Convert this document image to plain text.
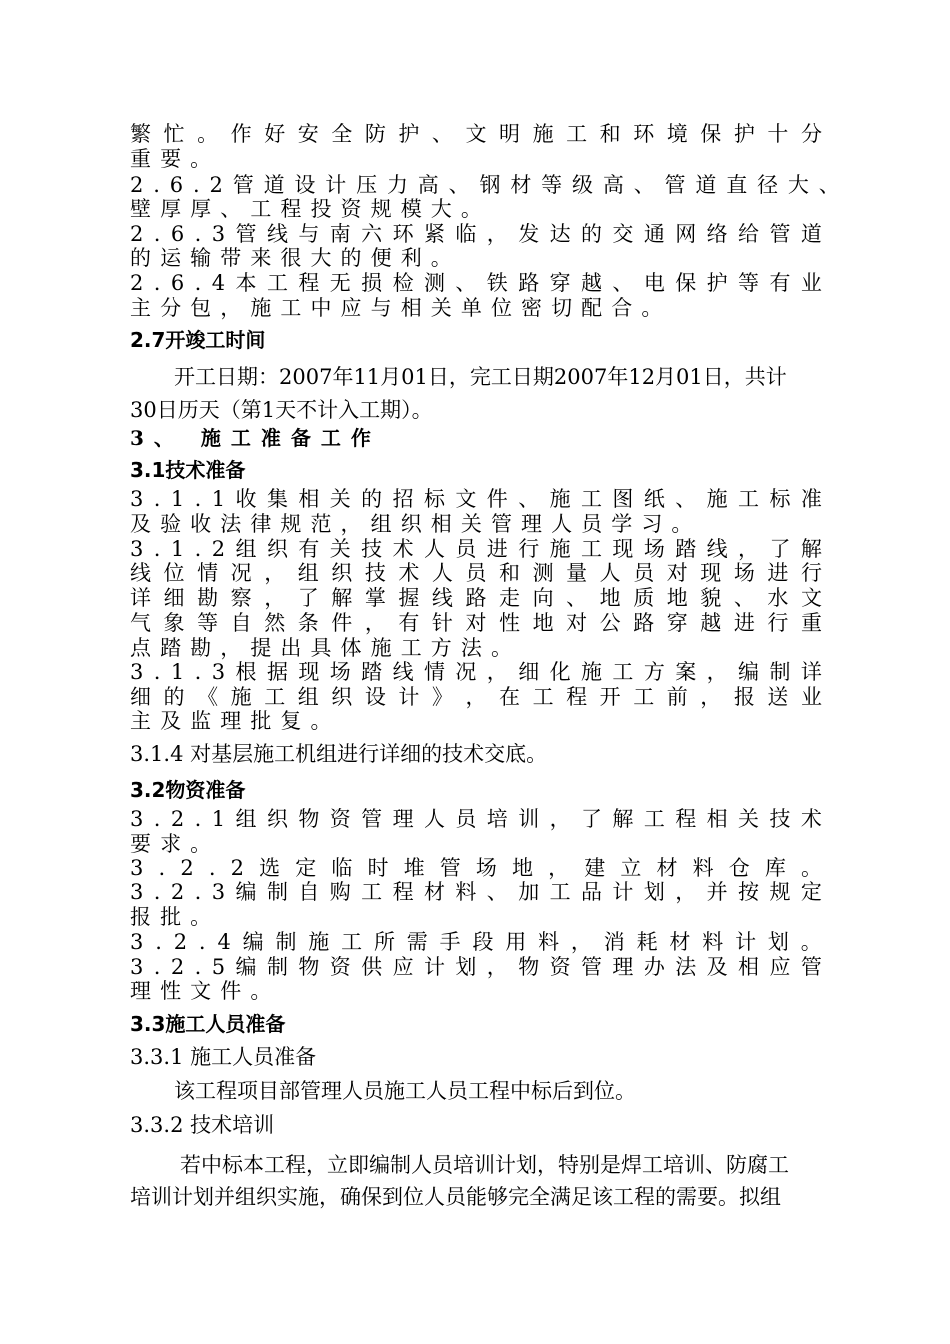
繁 忙 。 作 好 安 全 防 护 、 文 明 施 工 和 环 境 保 护 十 分
重 要 。
2 . 6 . 2 管 道 设 计 压 力 高 、 钢 材 等 级 高 、 管 道 直 径 大 、
壁 厚 厚 、 工 程 投 资 规 模 大 。
2 . 6 . 3 管 线 与 南 六 环 紧 临 ， 发 达 的 交 通 网 络 给 管 道
的 运 输 带 来 很 大 的 便 利 。
2 . 6 . 4 本 工 程 无 损 检 测 、 铁 路 穿 越 、 电 保 护 等 有 业
主 分 包 ， 施 工 中 应 与 相 关 单 位 密 切 配 合 。
2.7开竣工时间
开工日期：2007年11月01日，完工日期2007年12月01日，共计
30日历天（第1天不计入工期）。
3、 施工准备工作
3.1技术准备
3 . 1 . 1 收 集 相 关 的 招 标 文 件 、 施 工 图 纸 、 施 工 标 准
及 验 收 法 律 规 范 ， 组 织 相 关 管 理 人 员 学 习 。
3 . 1 . 2 组 织 有 关 技 术 人 员 进 行 施 工 现 场 踏 线 ， 了 解
线 位 情 况 ， 组 织 技 术 人 员 和 测 量 人 员 对 现 场 进 行
详 细 勘 察 ， 了 解 掌 握 线 路 走 向 、 地 质 地 貌 、 水 文
气 象 等 自 然 条 件 ， 有 针 对 性 地 对 公 路 穿 越 进 行 重
点 踏 勘 ， 提 出 具 体 施 工 方 法 。
3 . 1 . 3 根 据 现 场 踏 线 情 况 ， 细 化 施 工 方 案 ， 编 制 详
细 的 《 施 工 组 织 设 计 》 ， 在 工 程 开 工 前 ， 报 送 业
主 及 监 理 批 复 。
3.1.4 对基层施工机组进行详细的技术交底。
3.2物资准备
3 . 2 . 1 组 织 物 资 管 理 人 员 培 训 ， 了 解 工 程 相 关 技 术
要 求 。
3 . 2 . 2 选 定 临 时 堆 管 场 地 ， 建 立 材 料 仓 库 。
3 . 2 . 3 编 制 自 购 工 程 材 料 、 加 工 品 计 划 ， 并 按 规 定
报 批 。
3 . 2 . 4 编 制 施 工 所 需 手 段 用 料 ， 消 耗 材 料 计 划 。
3 . 2 . 5 编 制 物 资 供 应 计 划 ， 物 资 管 理 办 法 及 相 应 管
理 性 文 件 。
3.3施工人员准备
3.3.1 施工人员准备
该工程项目部管理人员施工人员工程中标后到位。
3.3.2 技术培训
若中标本工程，立即编制人员培训计划，特别是焊工培训、防腐工
培训计划并组织实施，确保到位人员能够完全满足该工程的需要。拟组
